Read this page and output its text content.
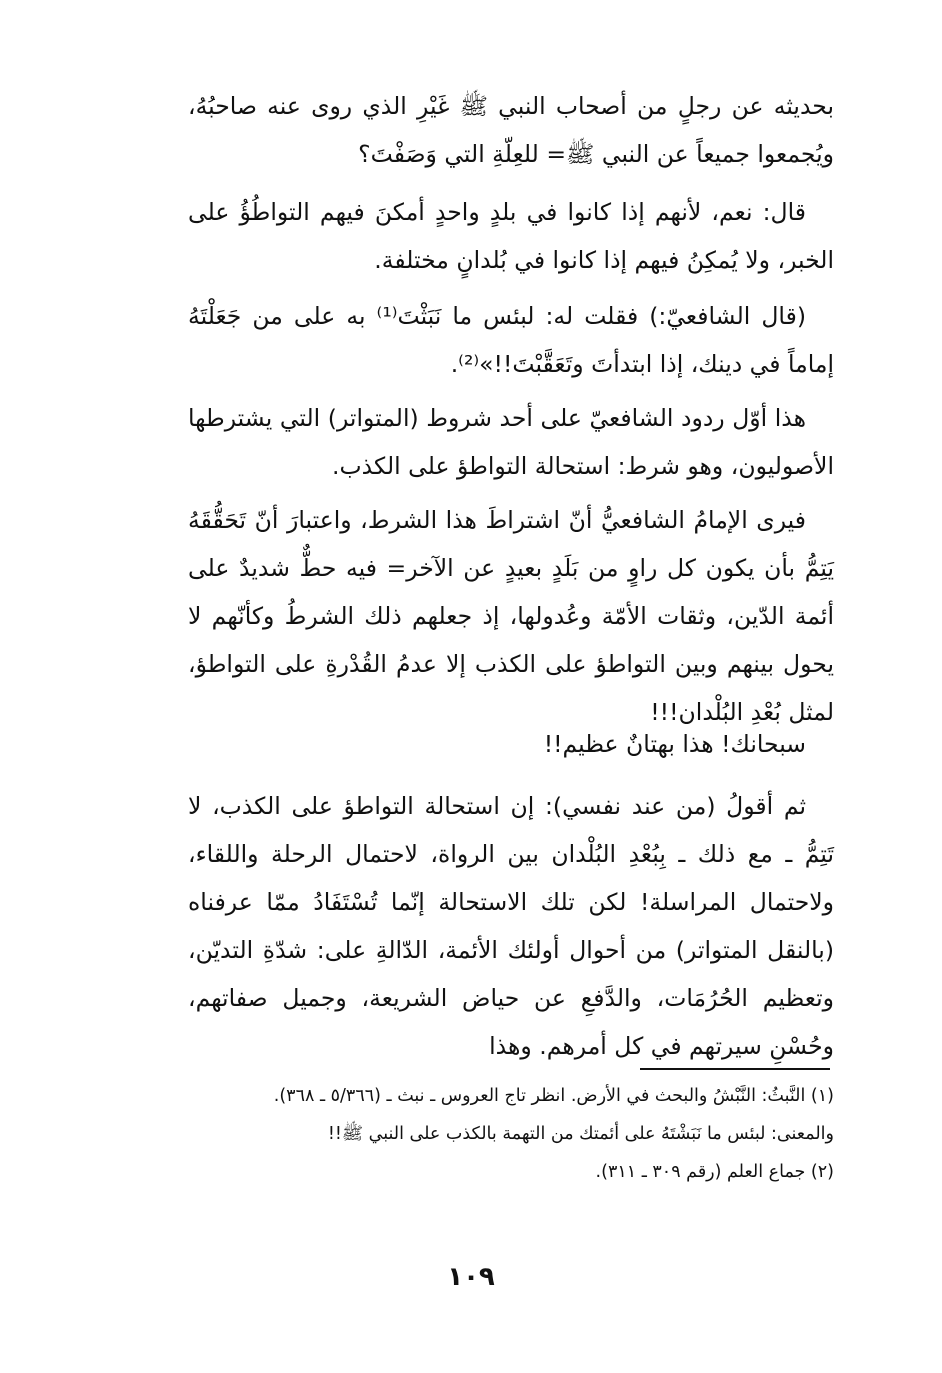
بحديثه عن رجلٍ من أصحاب النبي ﷺ غَيْرِ الذي روى عنه صاحبُهُ، ويُجمعوا جميعاً عن النبي ﷺ= للعِلّةِ التي وَصَفْتَ؟

قال: نعم، لأنهم إذا كانوا في بلدٍ واحدٍ أمكنَ فيهم التواطُؤُ على الخبر، ولا يُمكِنُ فيهم إذا كانوا في بُلدانٍ مختلفة.

(قال الشافعيّ:) فقلت له: لبئس ما نَبَثْتَ⁽¹⁾ به على من جَعَلْتَهُ إماماً في دينك، إذا ابتدأتَ وتَعَقَّبْتَ!!»⁽²⁾.

هذا أوّل ردود الشافعيّ على أحد شروط (المتواتر) التي يشترطها الأصوليون، وهو شرط: استحالة التواطؤ على الكذب.

فيرى الإمامُ الشافعيُّ أنّ اشتراطَ هذا الشرط، واعتبارَ أنّ تَحَقُّقَهُ يَتِمُّ بأن يكون كل راوٍ من بَلَدٍ بعيدٍ عن الآخر= فيه حطٌّ شديدٌ على أئمة الدّين، وثقات الأمّة وعُدولها، إذ جعلهم ذلك الشرطُ وكأنّهم لا يحول بينهم وبين التواطؤ على الكذب إلا عدمُ القُدْرةِ على التواطؤ، لمثل بُعْدِ البُلْدان!!!

سبحانك! هذا بهتانٌ عظيم!!

ثم أقولُ (من عند نفسي): إن استحالة التواطؤ على الكذب، لا تَتِمُّ ـ مع ذلك ـ بِبُعْدِ البُلْدان بين الرواة، لاحتمال الرحلة واللقاء، ولاحتمال المراسلة! لكن تلك الاستحالة إنّما تُسْتَفَادُ ممّا عرفناه (بالنقل المتواتر) من أحوال أولئك الأئمة، الدّالةِ على: شدّةِ التديّن، وتعظيم الحُرُمَات، والدَّفعِ عن حياض الشريعة، وجميل صفاتهم، وحُسْنِ سيرتهم في كل أمرهم. وهذا

(١) النَّبثُ: النَّبْشُ والبحث في الأرض. انظر تاج العروس ـ نبث ـ (٥/٣٦٦ ـ ٣٦٨).

والمعنى: لبئس ما نَبَشْتَهُ على أئمتك من التهمة بالكذب على النبي ﷺ!!

(٢) جماع العلم (رقم ٣٠٩ ـ ٣١١).

١٠٩
